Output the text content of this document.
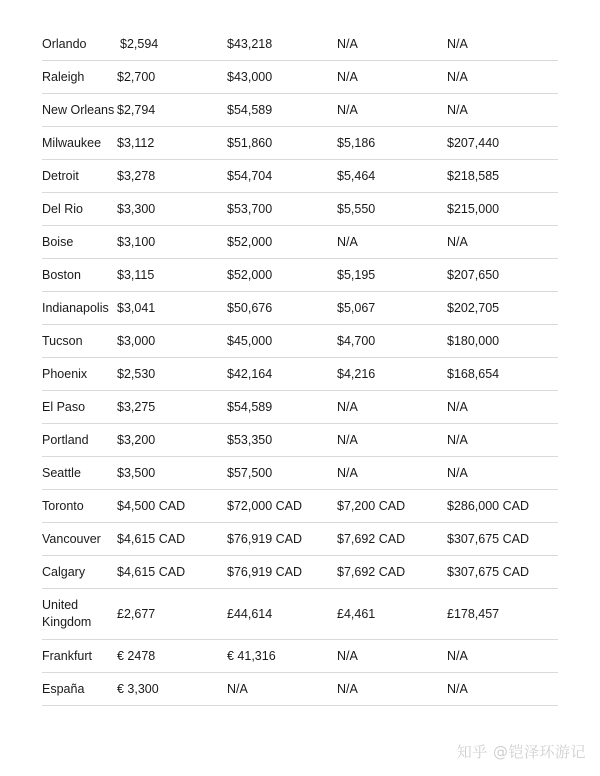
Orlando	$2,594	$43,218	N/A	N/A
Raleigh	$2,700	$43,000	N/A	N/A
New Orleans	$2,794	$54,589	N/A	N/A
Milwaukee	$3,112	$51,860	$5,186	$207,440
Detroit	$3,278	$54,704	$5,464	$218,585
Del Rio	$3,300	$53,700	$5,550	$215,000
Boise	$3,100	$52,000	N/A	N/A
Boston	$3,115	$52,000	$5,195	$207,650
Indianapolis	$3,041	$50,676	$5,067	$202,705
Tucson	$3,000	$45,000	$4,700	$180,000
Phoenix	$2,530	$42,164	$4,216	$168,654
El Paso	$3,275	$54,589	N/A	N/A
Portland	$3,200	$53,350	N/A	N/A
Seattle	$3,500	$57,500	N/A	N/A
Toronto	$4,500 CAD	$72,000 CAD	$7,200 CAD	$286,000 CAD
Vancouver	$4,615 CAD	$76,919 CAD	$7,692 CAD	$307,675 CAD
Calgary	$4,615 CAD	$76,919 CAD	$7,692 CAD	$307,675 CAD
United Kingdom	£2,677	£44,614	£4,461	£178,457
Frankfurt	€ 2478	€ 41,316	N/A	N/A
España	€ 3,300	N/A	N/A	N/A
知乎 @铠泽环游记
